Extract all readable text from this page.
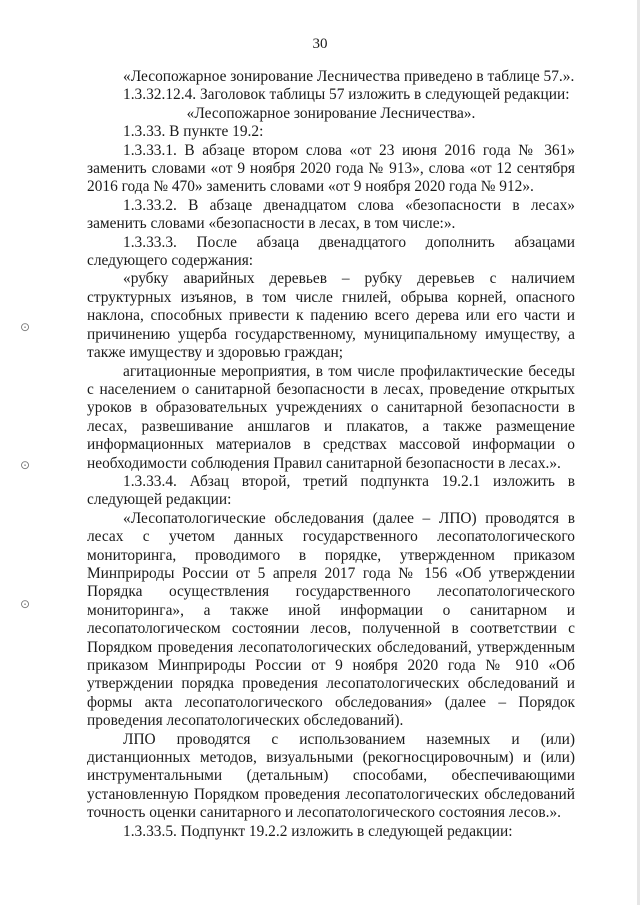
30
⊙
⊙
⊙

«Лесопожарное зонирование Лесничества приведено в таблице 57.».

1.3.32.12.4. Заголовок таблицы 57 изложить в следующей редакции:

«Лесопожарное зонирование Лесничества».

1.3.33. В пункте 19.2:

1.3.33.1. В абзаце втором слова «от 23 июня 2016 года № 361» заменить словами «от 9 ноября 2020 года № 913», слова «от 12 сентября 2016 года № 470» заменить словами «от 9 ноября 2020 года № 912».

1.3.33.2. В абзаце двенадцатом слова «безопасности в лесах» заменить словами «безопасности в лесах, в том числе:».

1.3.33.3. После абзаца двенадцатого дополнить абзацами следующего содержания:

«рубку аварийных деревьев – рубку деревьев с наличием структурных изъянов, в том числе гнилей, обрыва корней, опасного наклона, способных привести к падению всего дерева или его части и причинению ущерба государственному, муниципальному имуществу, а также имуществу и здоровью граждан;

агитационные мероприятия, в том числе профилактические беседы с населением о санитарной безопасности в лесах, проведение открытых уроков в образовательных учреждениях о санитарной безопасности в лесах, развешивание аншлагов и плакатов, а также размещение информационных материалов в средствах массовой информации о необходимости соблюдения Правил санитарной безопасности в лесах.».

1.3.33.4. Абзац второй, третий подпункта 19.2.1 изложить в следующей редакции:

«Лесопатологические обследования (далее – ЛПО) проводятся в лесах с учетом данных государственного лесопатологического мониторинга, проводимого в порядке, утвержденном приказом Минприроды России от 5 апреля 2017 года № 156 «Об утверждении Порядка осуществления государственного лесопатологического мониторинга», а также иной информации о санитарном и лесопатологическом состоянии лесов, полученной в соответствии с Порядком проведения лесопатологических обследований, утвержденным приказом Минприроды России от 9 ноября 2020 года № 910 «Об утверждении порядка проведения лесопатологических обследований и формы акта лесопатологического обследования» (далее – Порядок проведения лесопатологических обследований).

ЛПО проводятся с использованием наземных и (или) дистанционных методов, визуальными (рекогносцировочным) и (или) инструментальными (детальным) способами, обеспечивающими установленную Порядком проведения лесопатологических обследований точность оценки санитарного и лесопатологического состояния лесов.».

1.3.33.5. Подпункт 19.2.2 изложить в следующей редакции:
